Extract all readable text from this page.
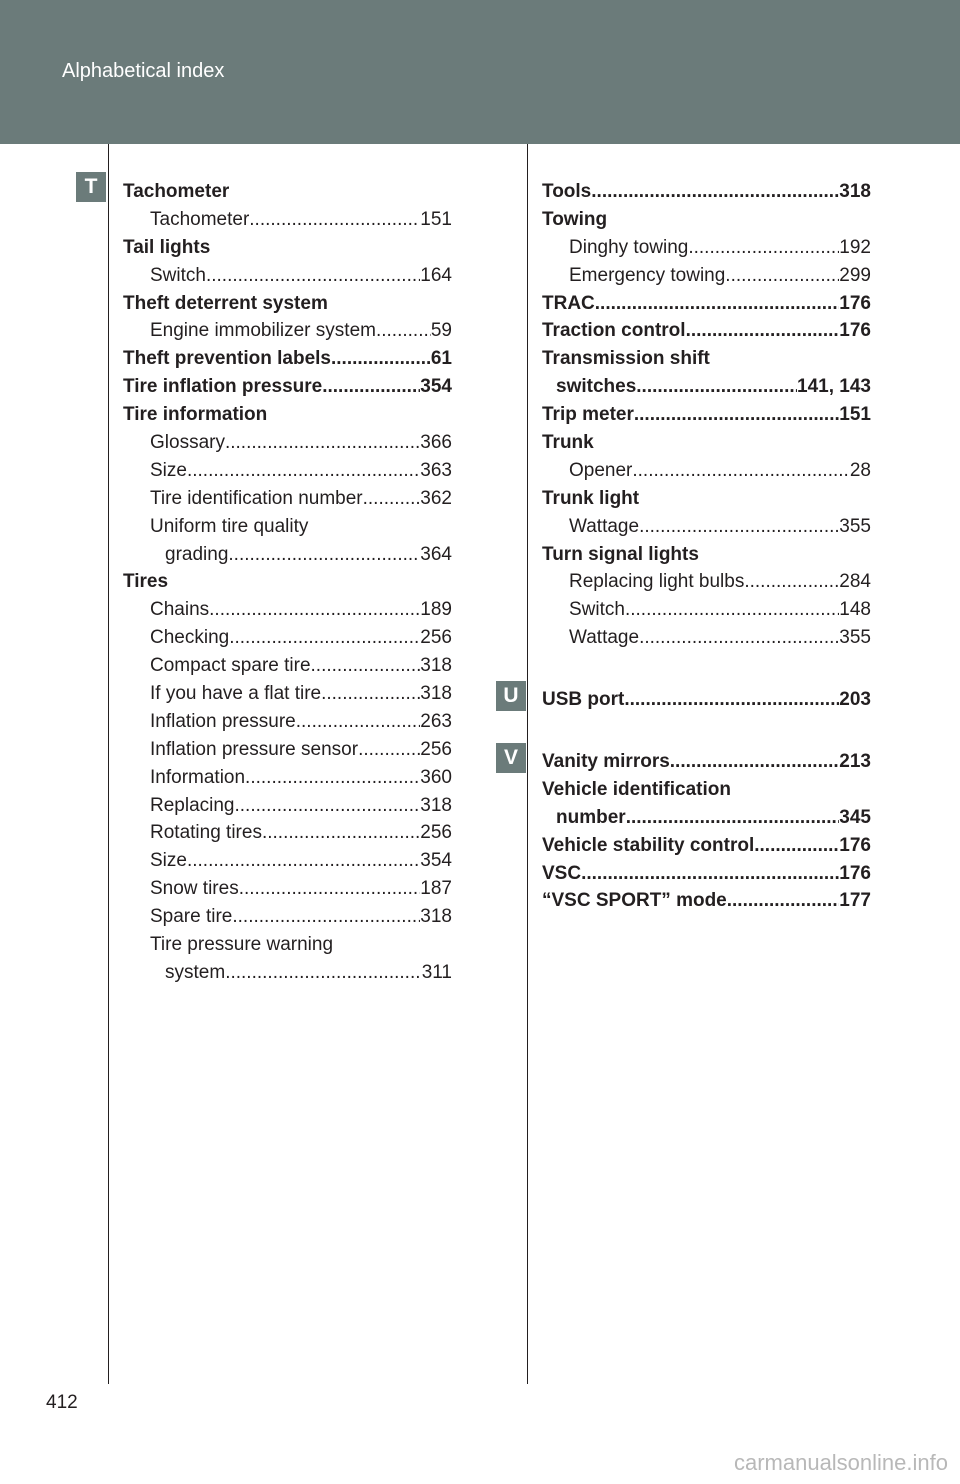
Alphabetical index
T
U
V
Tachometer
Tachometer .....	151
Tail lights
Switch .....	164
Theft deterrent system
Engine immobilizer system .....	59
Theft prevention labels .....	61
Tire inflation pressure .....	354
Tire information
Glossary .....	366
Size .....	363
Tire identification number .....	362
Uniform tire quality
grading .....	364
Tires
Chains .....	189
Checking .....	256
Compact spare tire .....	318
If you have a flat tire .....	318
Inflation pressure .....	263
Inflation pressure sensor .....	256
Information .....	360
Replacing .....	318
Rotating tires .....	256
Size .....	354
Snow tires .....	187
Spare tire .....	318
Tire pressure warning
system .....	311
Tools .....	318
Towing
Dinghy towing .....	192
Emergency towing .....	299
TRAC .....	176
Traction control .....	176
Transmission shift
switches .....	141, 143
Trip meter .....	151
Trunk
Opener .....	28
Trunk light
Wattage .....	355
Turn signal lights
Replacing light bulbs .....	284
Switch .....	148
Wattage .....	355
USB port .....	203
Vanity mirrors .....	213
Vehicle identification
number .....	345
Vehicle stability control .....	176
VSC .....	176
“VSC SPORT” mode .....	177
412
carmanualsonline.info
